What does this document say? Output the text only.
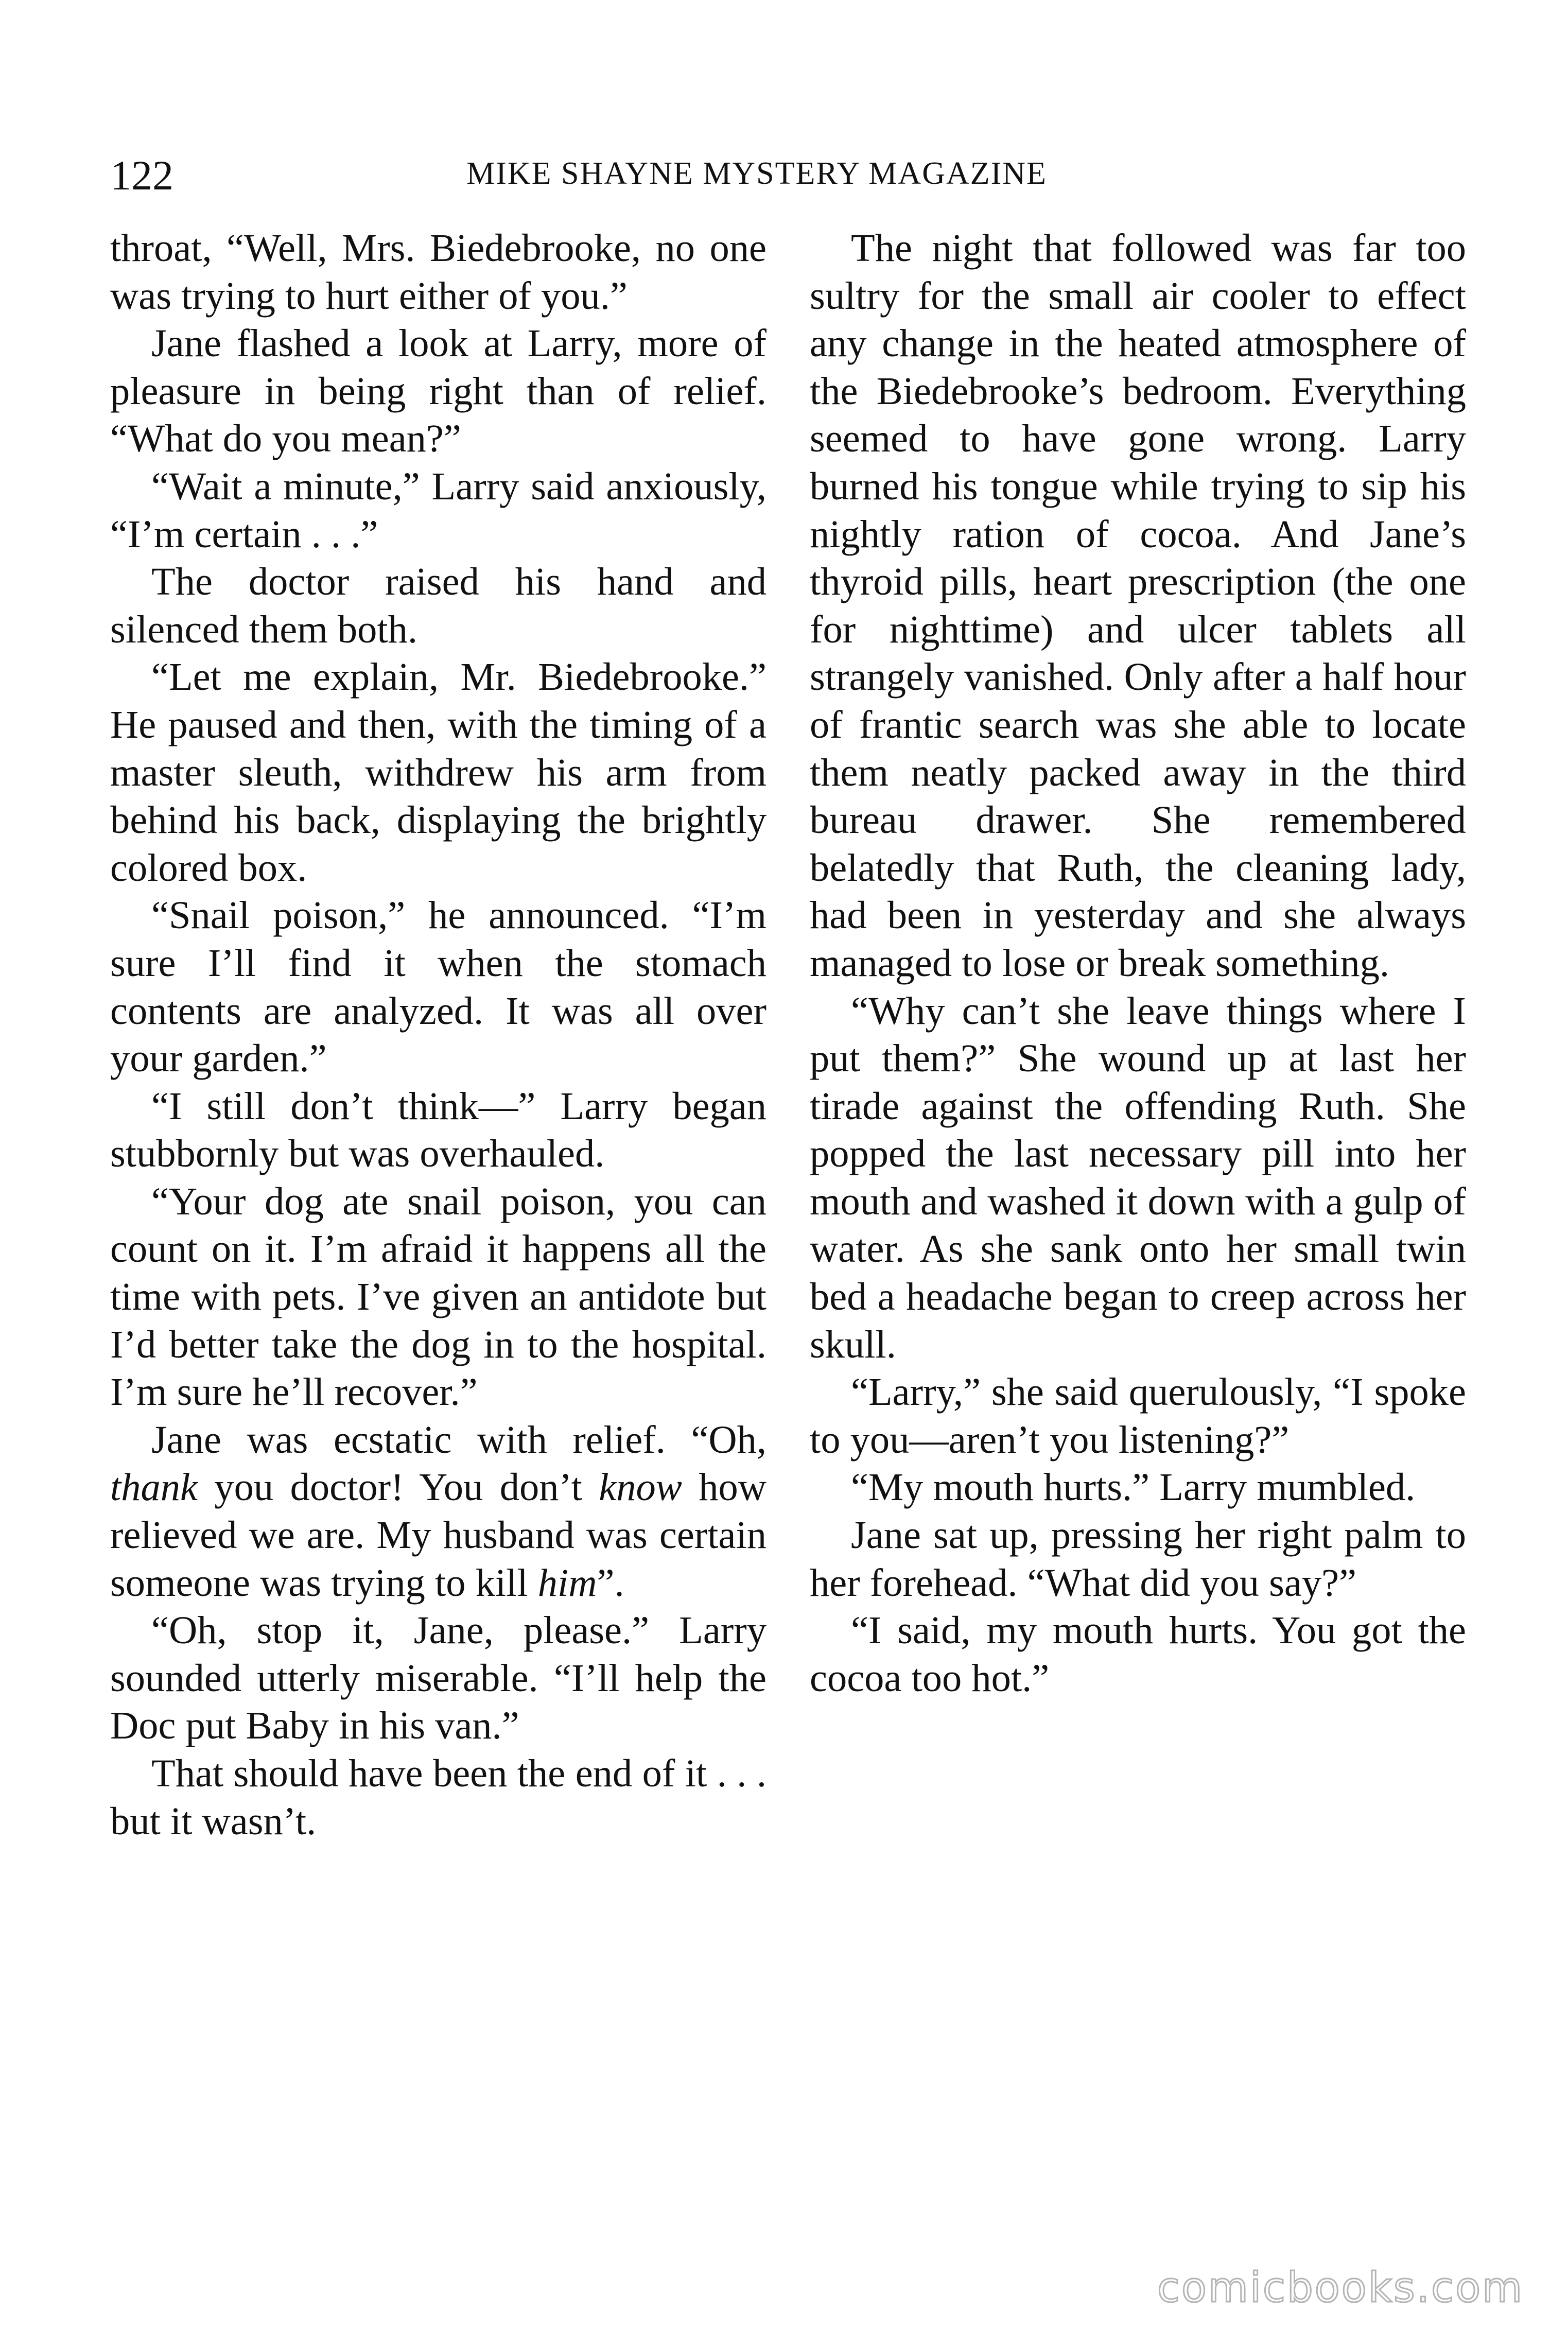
122	MIKE SHAYNE MYSTERY MAGAZINE

throat, “Well, Mrs. Biedebrooke, no one was trying to hurt either of you.”

Jane flashed a look at Larry, more of pleasure in being right than of relief. “What do you mean?”

“Wait a minute,” Larry said anxiously, “I’m certain . . .”

The doctor raised his hand and silenced them both.

“Let me explain, Mr. Biedebrooke.” He paused and then, with the timing of a master sleuth, withdrew his arm from behind his back, displaying the brightly colored box.

“Snail poison,” he announced. “I’m sure I’ll find it when the stomach contents are analyzed. It was all over your garden.”

“I still don’t think—” Larry began stubbornly but was overhauled.

“Your dog ate snail poison, you can count on it. I’m afraid it happens all the time with pets. I’ve given an antidote but I’d better take the dog in to the hospital. I’m sure he’ll recover.”

Jane was ecstatic with relief. “Oh, thank you doctor! You don’t know how relieved we are. My husband was certain someone was trying to kill him”.

“Oh, stop it, Jane, please.” Larry sounded utterly miserable. “I’ll help the Doc put Baby in his van.”

That should have been the end of it . . . but it wasn’t.

The night that followed was far too sultry for the small air cooler to effect any change in the heated atmosphere of the Biedebrooke’s bedroom. Everything seemed to have gone wrong. Larry burned his tongue while trying to sip his nightly ration of cocoa. And Jane’s thyroid pills, heart prescription (the one for nighttime) and ulcer tablets all strangely vanished. Only after a half hour of frantic search was she able to locate them neatly packed away in the third bureau drawer. She remembered belatedly that Ruth, the cleaning lady, had been in yesterday and she always managed to lose or break something.

“Why can’t she leave things where I put them?” She wound up at last her tirade against the offending Ruth. She popped the last necessary pill into her mouth and washed it down with a gulp of water. As she sank onto her small twin bed a headache began to creep across her skull.

“Larry,” she said querulously, “I spoke to you—aren’t you listening?”

“My mouth hurts.” Larry mumbled.

Jane sat up, pressing her right palm to her forehead. “What did you say?”

“I said, my mouth hurts. You got the cocoa too hot.”

comicbooks.com
